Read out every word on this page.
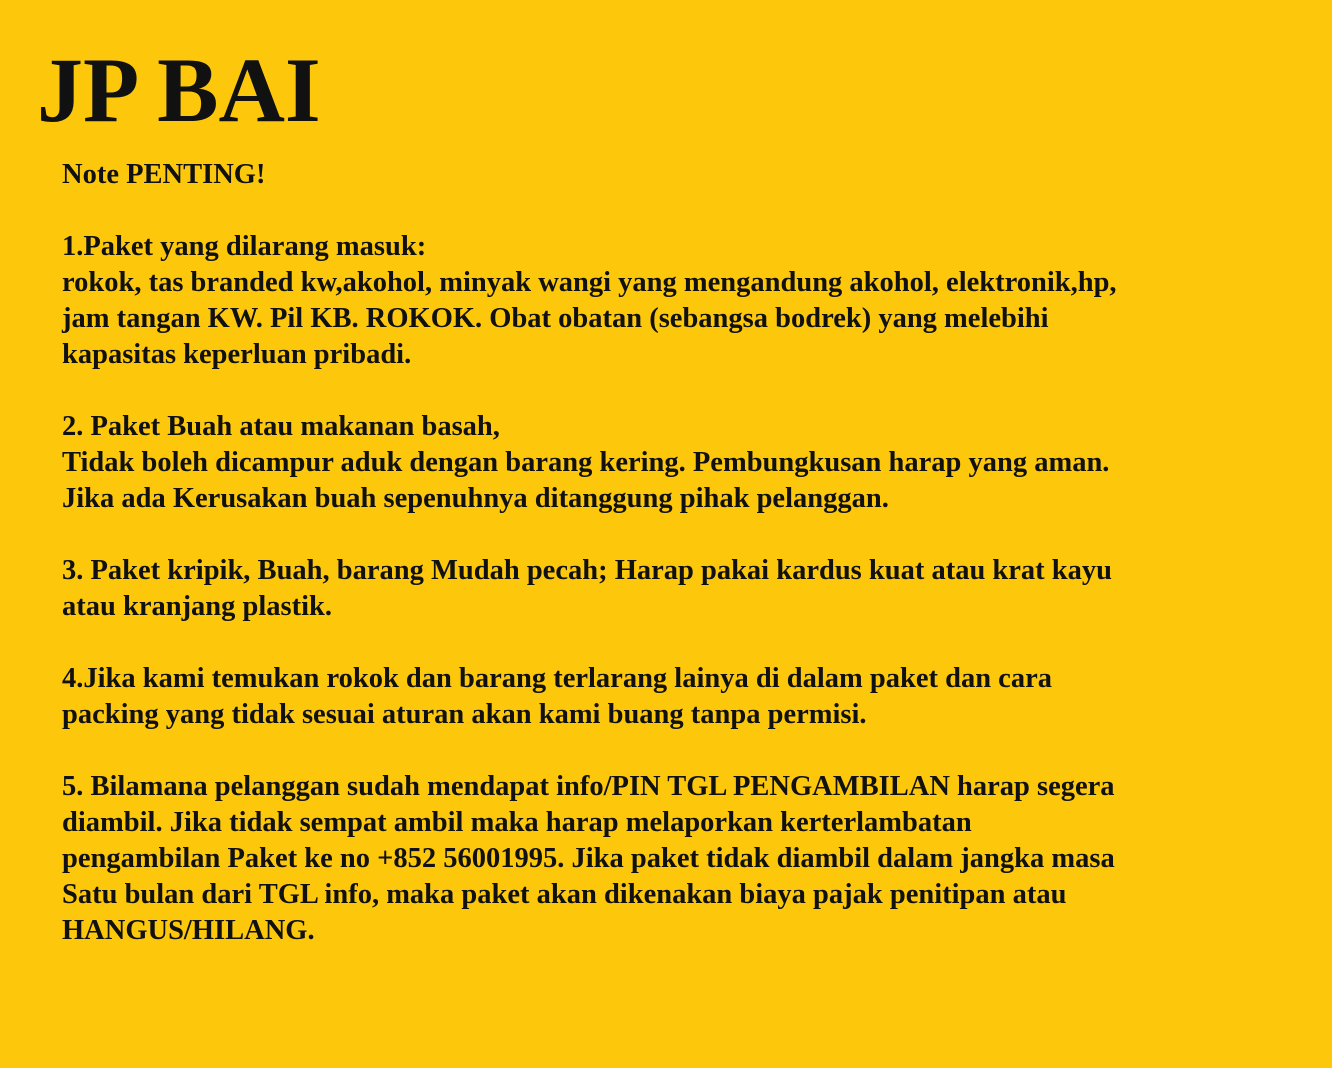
JP BAI
Note PENTING!
1.Paket yang dilarang masuk:
rokok, tas branded kw,akohol, minyak wangi yang mengandung akohol, elektronik,hp,
jam tangan KW. Pil KB. ROKOK. Obat obatan (sebangsa bodrek) yang melebihi
kapasitas keperluan pribadi.
2. Paket Buah atau makanan basah,
Tidak boleh dicampur aduk dengan barang kering. Pembungkusan harap yang aman.
Jika ada Kerusakan buah sepenuhnya ditanggung pihak pelanggan.
3. Paket kripik, Buah, barang Mudah pecah; Harap pakai kardus kuat atau krat kayu
atau kranjang plastik.
4.Jika kami temukan rokok dan barang terlarang lainya di dalam paket dan cara
packing yang tidak sesuai aturan akan kami buang tanpa permisi.
5. Bilamana pelanggan sudah mendapat info/PIN TGL PENGAMBILAN harap segera
diambil. Jika tidak sempat ambil maka harap melaporkan kerterlambatan
pengambilan Paket ke no +852 56001995. Jika paket tidak diambil dalam jangka masa
Satu bulan dari TGL info, maka paket akan dikenakan biaya pajak penitipan atau
HANGUS/HILANG.
